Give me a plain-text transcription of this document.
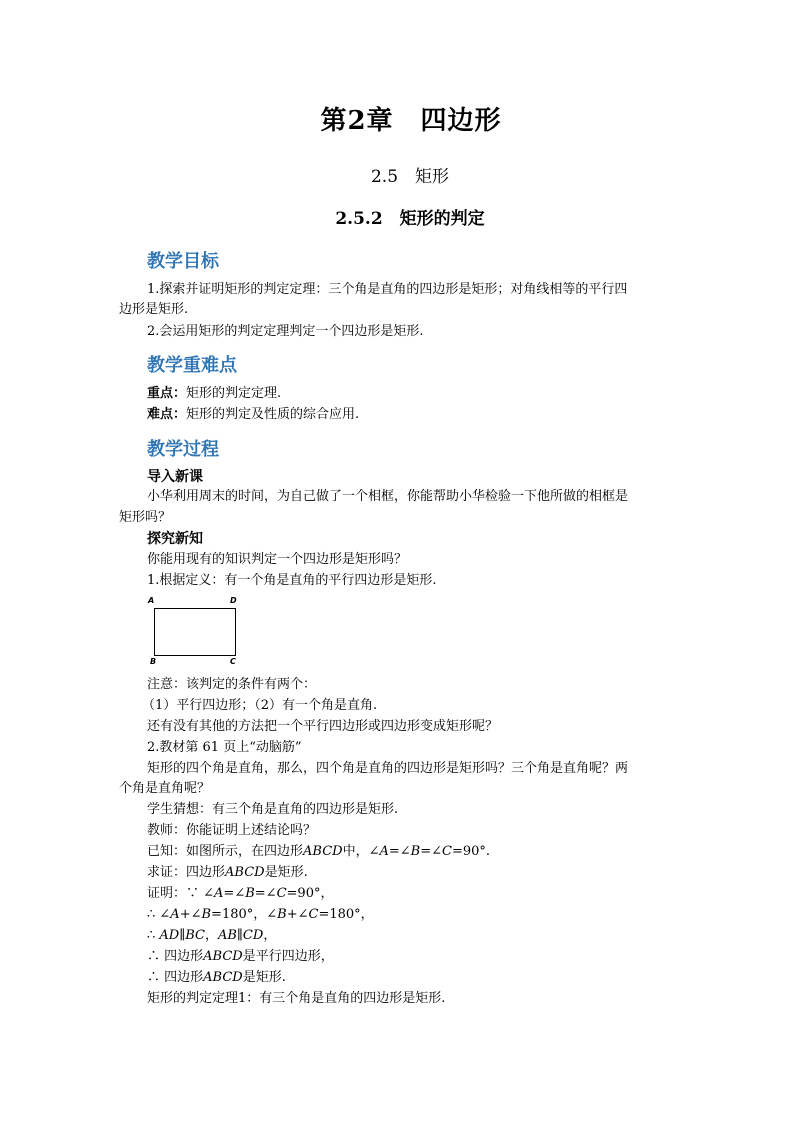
第2章　四边形
2.5　矩形
2.5.2　矩形的判定
教学目标
1.探索并证明矩形的判定定理：三个角是直角的四边形是矩形；对角线相等的平行四
边形是矩形.
2.会运用矩形的判定定理判定一个四边形是矩形.
教学重难点
重点：矩形的判定定理.
难点：矩形的判定及性质的综合应用.
教学过程
导入新课
小华利用周末的时间，为自己做了一个相框，你能帮助小华检验一下他所做的相框是
矩形吗？
探究新知
你能用现有的知识判定一个四边形是矩形吗？
1.根据定义：有一个角是直角的平行四边形是矩形.
A	D
B	C
注意：该判定的条件有两个：
（1）平行四边形；（2）有一个角是直角.
还有没有其他的方法把一个平行四边形或四边形变成矩形呢？
2.教材第 61 页上“动脑筋”
矩形的四个角是直角，那么，四个角是直角的四边形是矩形吗？三个角是直角呢？两
个角是直角呢？
学生猜想：有三个角是直角的四边形是矩形.
教师：你能证明上述结论吗？
已知：如图所示，在四边形ABCD中，∠A=∠B=∠C=90°.
求证：四边形ABCD是矩形.
证明：∵ ∠A=∠B=∠C=90°，
∴ ∠A+∠B=180°，∠B+∠C=180°，
∴ AD∥BC，AB∥CD，
∴ 四边形ABCD是平行四边形，
∴ 四边形ABCD是矩形.
矩形的判定定理1：有三个角是直角的四边形是矩形.
